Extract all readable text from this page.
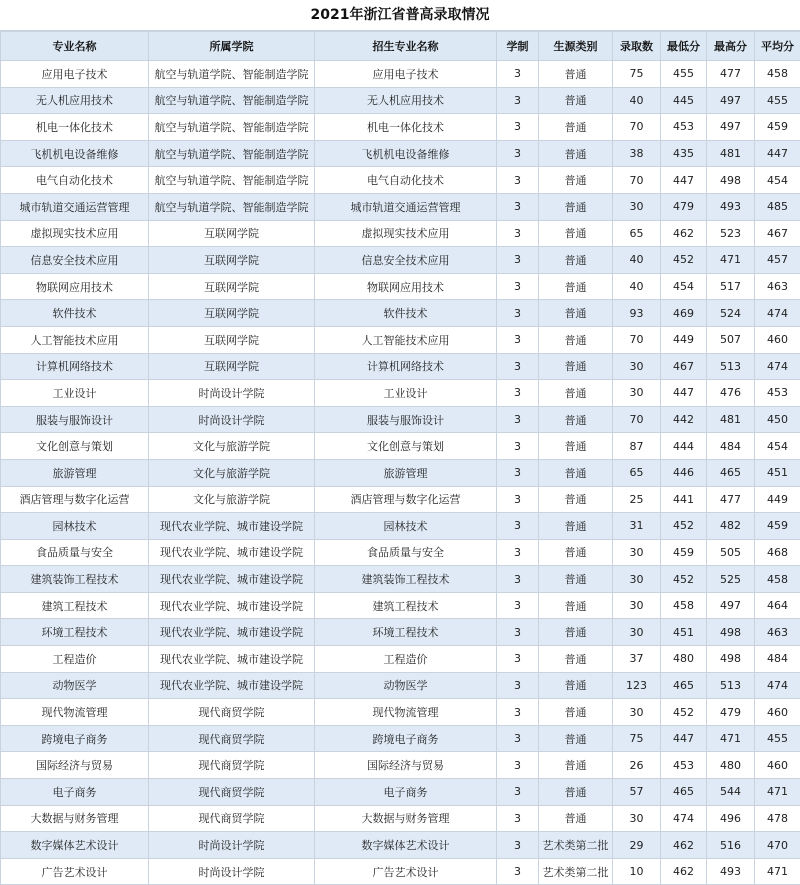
2021年浙江省普高录取情况
专业名称	所属学院	招生专业名称	学制	生源类别	录取数	最低分	最高分	平均分
应用电子技术	航空与轨道学院、智能制造学院	应用电子技术	3	普通	75	455	477	458
无人机应用技术	航空与轨道学院、智能制造学院	无人机应用技术	3	普通	40	445	497	455
机电一体化技术	航空与轨道学院、智能制造学院	机电一体化技术	3	普通	70	453	497	459
飞机机电设备维修	航空与轨道学院、智能制造学院	飞机机电设备维修	3	普通	38	435	481	447
电气自动化技术	航空与轨道学院、智能制造学院	电气自动化技术	3	普通	70	447	498	454
城市轨道交通运营管理	航空与轨道学院、智能制造学院	城市轨道交通运营管理	3	普通	30	479	493	485
虚拟现实技术应用	互联网学院	虚拟现实技术应用	3	普通	65	462	523	467
信息安全技术应用	互联网学院	信息安全技术应用	3	普通	40	452	471	457
物联网应用技术	互联网学院	物联网应用技术	3	普通	40	454	517	463
软件技术	互联网学院	软件技术	3	普通	93	469	524	474
人工智能技术应用	互联网学院	人工智能技术应用	3	普通	70	449	507	460
计算机网络技术	互联网学院	计算机网络技术	3	普通	30	467	513	474
工业设计	时尚设计学院	工业设计	3	普通	30	447	476	453
服装与服饰设计	时尚设计学院	服装与服饰设计	3	普通	70	442	481	450
文化创意与策划	文化与旅游学院	文化创意与策划	3	普通	87	444	484	454
旅游管理	文化与旅游学院	旅游管理	3	普通	65	446	465	451
酒店管理与数字化运营	文化与旅游学院	酒店管理与数字化运营	3	普通	25	441	477	449
园林技术	现代农业学院、城市建设学院	园林技术	3	普通	31	452	482	459
食品质量与安全	现代农业学院、城市建设学院	食品质量与安全	3	普通	30	459	505	468
建筑装饰工程技术	现代农业学院、城市建设学院	建筑装饰工程技术	3	普通	30	452	525	458
建筑工程技术	现代农业学院、城市建设学院	建筑工程技术	3	普通	30	458	497	464
环境工程技术	现代农业学院、城市建设学院	环境工程技术	3	普通	30	451	498	463
工程造价	现代农业学院、城市建设学院	工程造价	3	普通	37	480	498	484
动物医学	现代农业学院、城市建设学院	动物医学	3	普通	123	465	513	474
现代物流管理	现代商贸学院	现代物流管理	3	普通	30	452	479	460
跨境电子商务	现代商贸学院	跨境电子商务	3	普通	75	447	471	455
国际经济与贸易	现代商贸学院	国际经济与贸易	3	普通	26	453	480	460
电子商务	现代商贸学院	电子商务	3	普通	57	465	544	471
大数据与财务管理	现代商贸学院	大数据与财务管理	3	普通	30	474	496	478
数字媒体艺术设计	时尚设计学院	数字媒体艺术设计	3	艺术类第二批	29	462	516	470
广告艺术设计	时尚设计学院	广告艺术设计	3	艺术类第二批	10	462	493	471
